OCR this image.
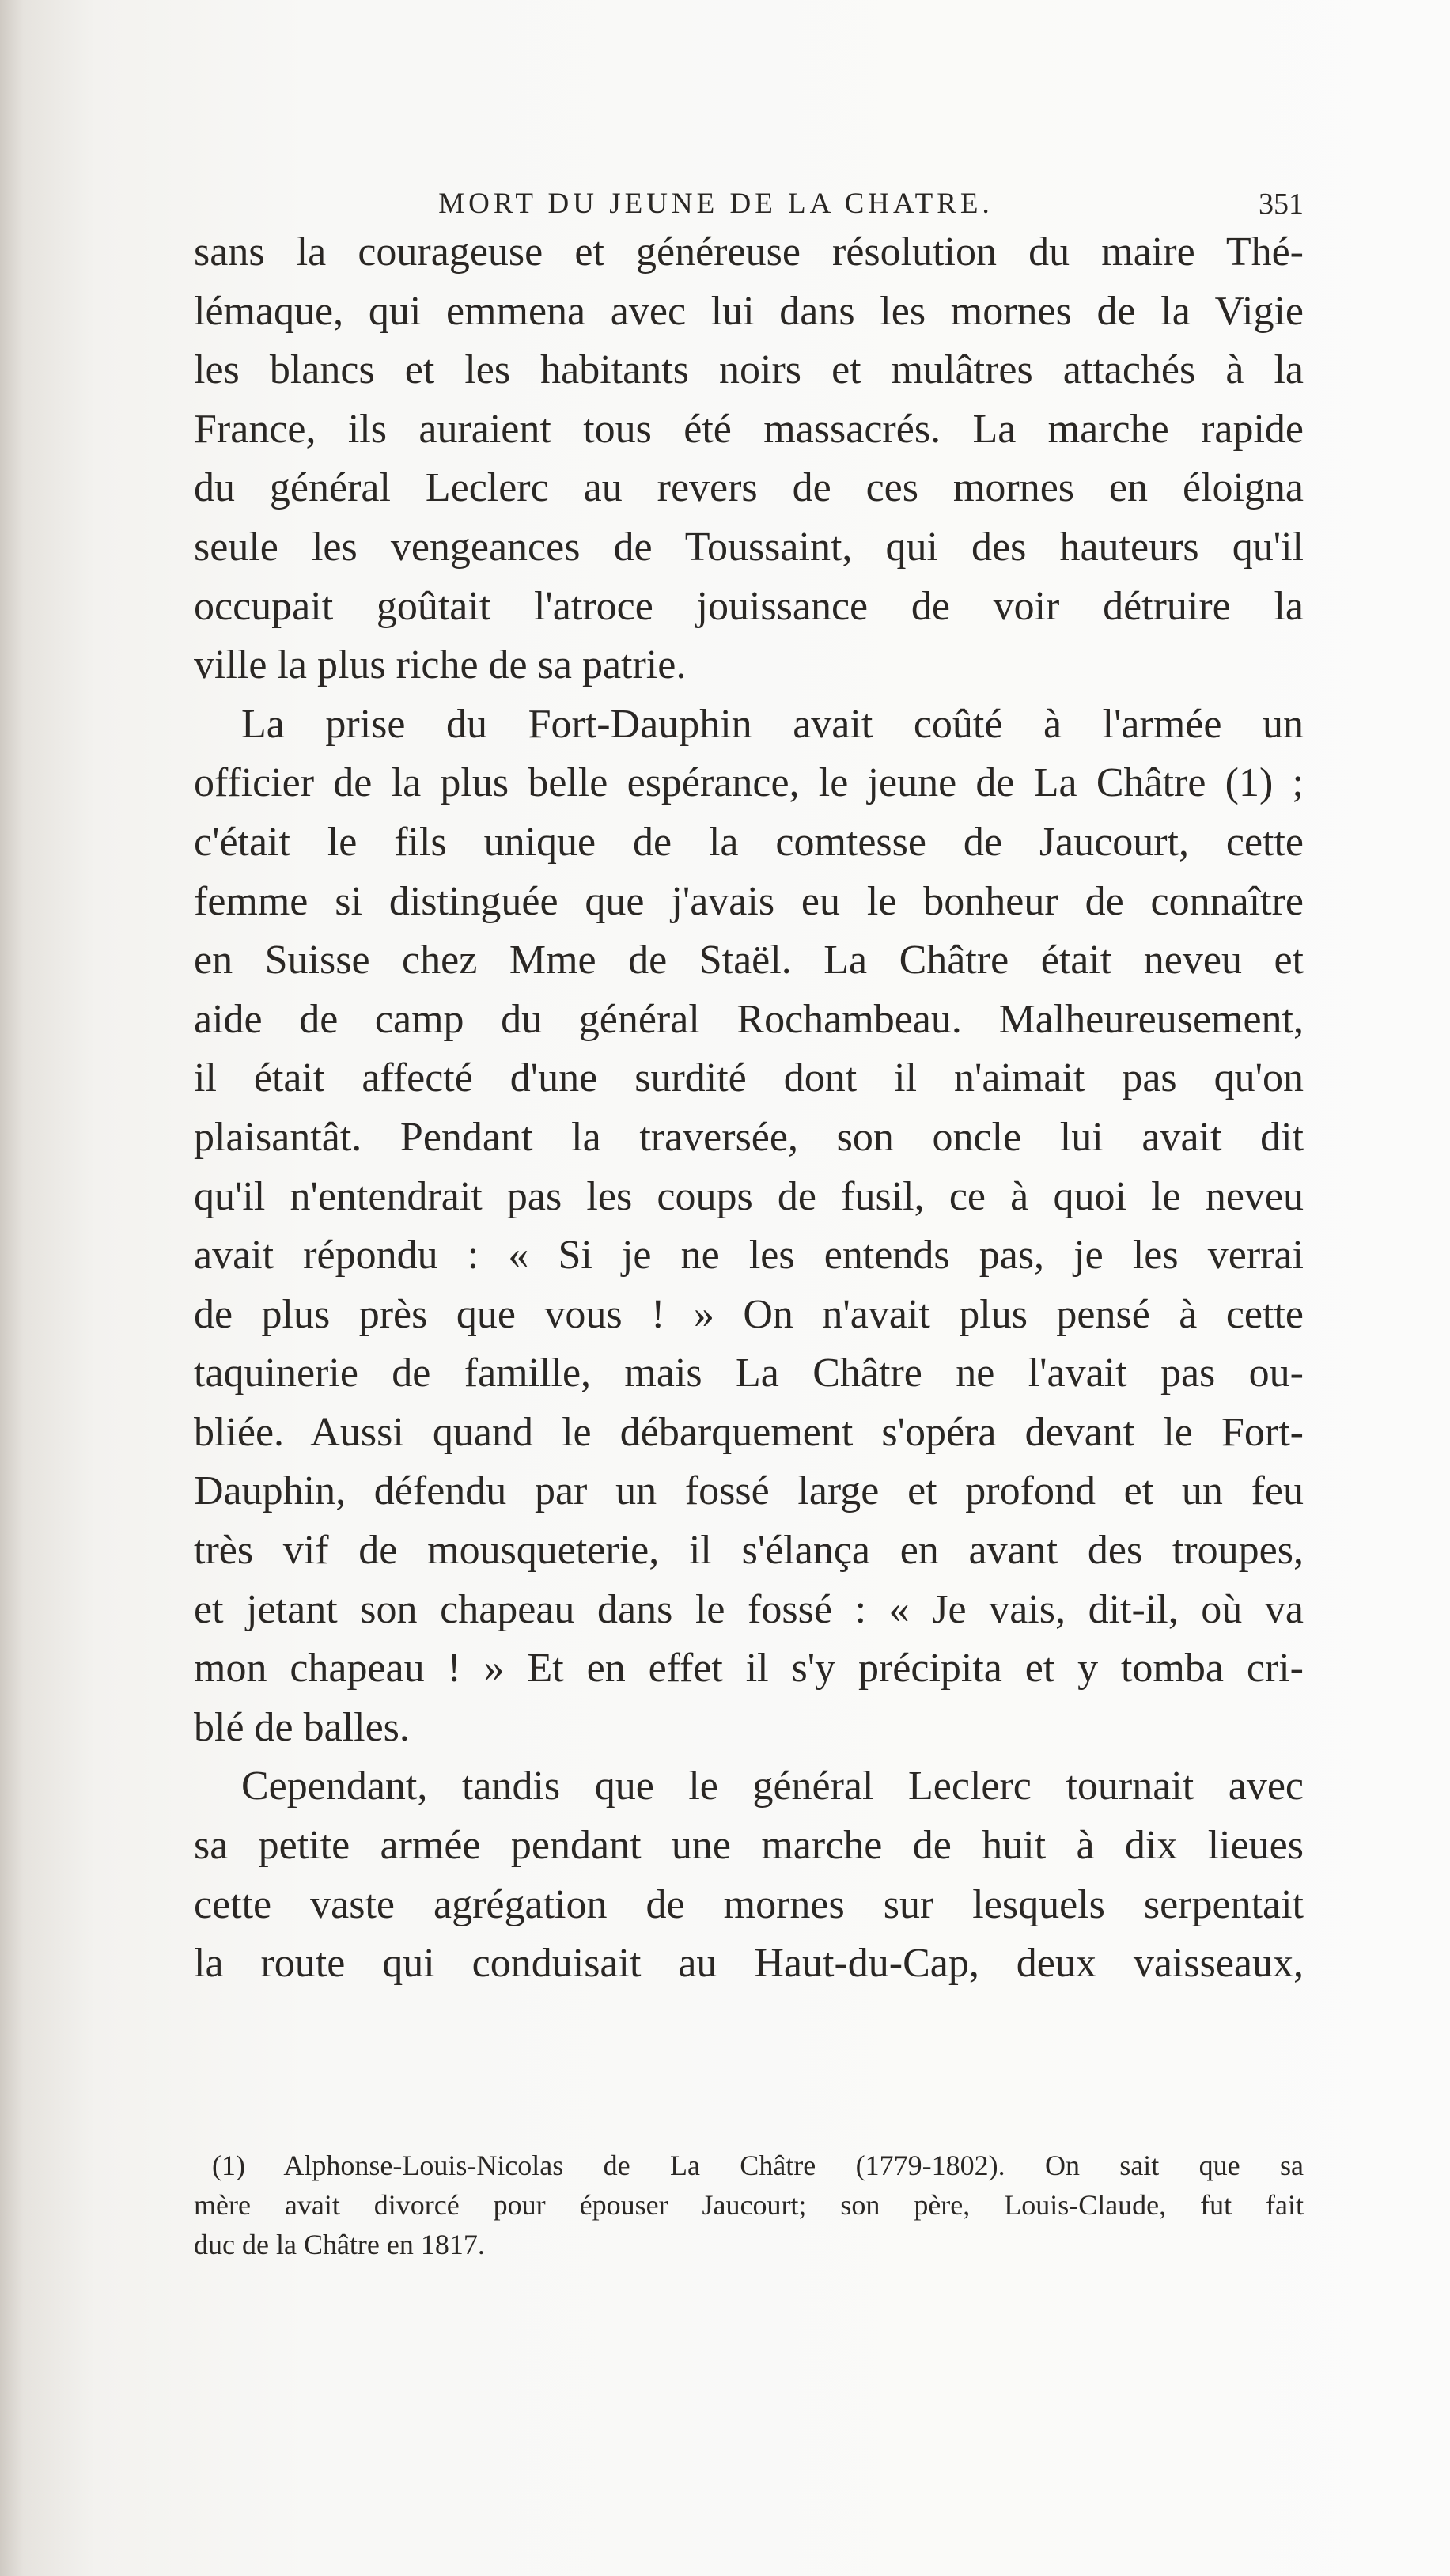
MORT DU JEUNE DE LA CHATRE.	351
sans la courageuse et généreuse résolution du maire Thé-
lémaque, qui emmena avec lui dans les mornes de la Vigie
les blancs et les habitants noirs et mulâtres attachés à la
France, ils auraient tous été massacrés. La marche rapide
du général Leclerc au revers de ces mornes en éloigna
seule les vengeances de Toussaint, qui des hauteurs qu'il
occupait goûtait l'atroce jouissance de voir détruire la
ville la plus riche de sa patrie.
La prise du Fort-Dauphin avait coûté à l'armée un
officier de la plus belle espérance, le jeune de La Châtre (1) ;
c'était le fils unique de la comtesse de Jaucourt, cette
femme si distinguée que j'avais eu le bonheur de connaître
en Suisse chez Mme de Staël. La Châtre était neveu et
aide de camp du général Rochambeau. Malheureusement,
il était affecté d'une surdité dont il n'aimait pas qu'on
plaisantât. Pendant la traversée, son oncle lui avait dit
qu'il n'entendrait pas les coups de fusil, ce à quoi le neveu
avait répondu : « Si je ne les entends pas, je les verrai
de plus près que vous ! » On n'avait plus pensé à cette
taquinerie de famille, mais La Châtre ne l'avait pas ou-
bliée. Aussi quand le débarquement s'opéra devant le Fort-
Dauphin, défendu par un fossé large et profond et un feu
très vif de mousqueterie, il s'élança en avant des troupes,
et jetant son chapeau dans le fossé : « Je vais, dit-il, où va
mon chapeau ! » Et en effet il s'y précipita et y tomba cri-
blé de balles.
Cependant, tandis que le général Leclerc tournait avec
sa petite armée pendant une marche de huit à dix lieues
cette vaste agrégation de mornes sur lesquels serpentait
la route qui conduisait au Haut-du-Cap, deux vaisseaux,
(1) Alphonse-Louis-Nicolas de La Châtre (1779-1802). On sait que sa
mère avait divorcé pour épouser Jaucourt; son père, Louis-Claude, fut fait
duc de la Châtre en 1817.
